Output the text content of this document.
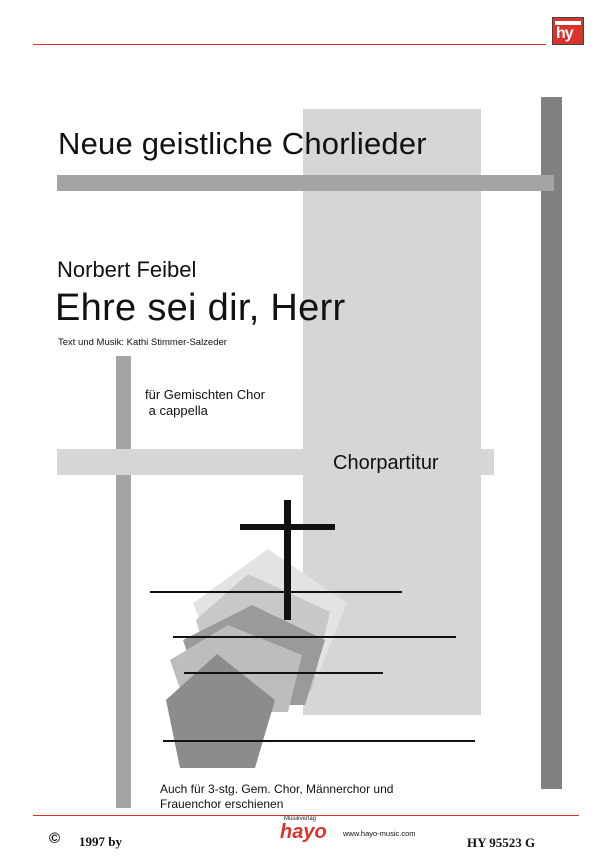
hy
Neue geistliche Chorlieder
Norbert Feibel
Ehre sei dir, Herr
Text und Musik: Kathi Stimmer-Salzeder
für Gemischten Chor
a cappella
Chorpartitur
Auch für 3-stg. Gem. Chor, Männerchor und Frauenchor erschienen
© 1997 by
Musikverlag
hayo www.hayo-music.com
HY 95523 G
